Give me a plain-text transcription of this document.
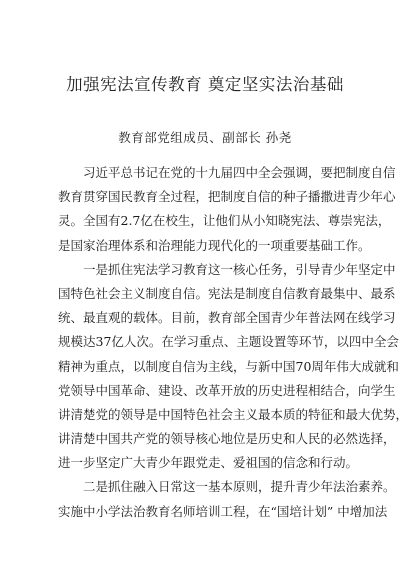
加强宪法宣传教育 奠定坚实法治基础
教育部党组成员、副部长 孙尧
习近平总书记在党的十九届四中全会强调，要把制度自信
教育贯穿国民教育全过程，把制度自信的种子播撒进青少年心
灵。全国有2.7亿在校生，让他们从小知晓宪法、尊崇宪法，
是国家治理体系和治理能力现代化的一项重要基础工作。
一是抓住宪法学习教育这一核心任务，引导青少年坚定中
国特色社会主义制度自信。宪法是制度自信教育最集中、最系
统、最直观的载体。目前，教育部全国青少年普法网在线学习
规模达37亿人次。在学习重点、主题设置等环节，以四中全会
精神为重点，以制度自信为主线，与新中国70周年伟大成就和
党领导中国革命、建设、改革开放的历史进程相结合，向学生
讲清楚党的领导是中国特色社会主义最本质的特征和最大优势，
讲清楚中国共产党的领导核心地位是历史和人民的必然选择，
进一步坚定广大青少年跟党走、爱祖国的信念和行动。
二是抓住融入日常这一基本原则，提升青少年法治素养。
实施中小学法治教育名师培训工程，在“国培计划” 中增加法
